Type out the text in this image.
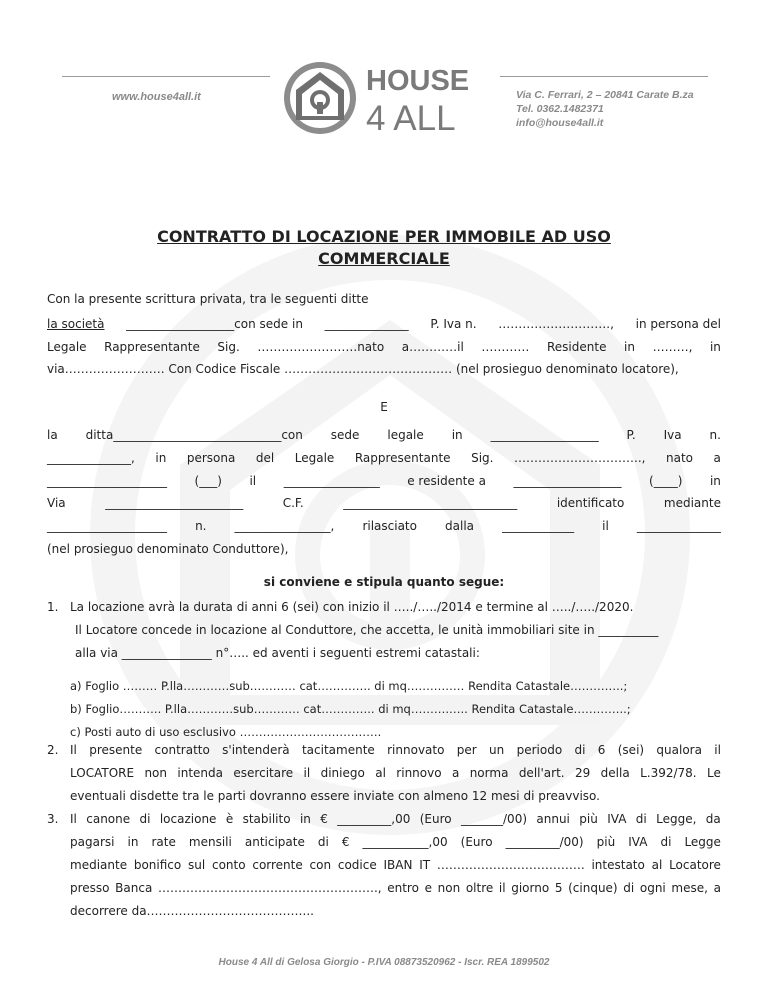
www.house4all.it	HOUSE
4 ALL
Via C. Ferrari, 2 – 20841 Carate B.za
Tel. 0362.1482371
info@house4all.it
CONTRATTO DI LOCAZIONE PER IMMOBILE AD USO
COMMERCIALE
Con la presente scrittura privata, tra le seguenti ditte
la società __________________con sede in ______________ P. Iva n. ………………………., in persona del
Legale Rappresentante Sig. …………………….nato a…………il ………… Residente in ………, in
via……………………. Con Codice Fiscale …………………………………… (nel prosieguo denominato locatore),
E
la ditta____________________________con sede legale in __________________ P. Iva n.
______________, in persona del Legale Rappresentante Sig. ………………………….., nato a
____________________ (___) il ________________ e residente a __________________ (____) in
Via	_______________________	C.F.	_____________________________	identificato	mediante
____________________ n. ________________, rilasciato dalla ____________ il ______________
(nel prosieguo denominato Conduttore),
si conviene e stipula quanto segue:
1. La locazione avrà la durata di anni 6 (sei) con inizio il …../…../2014 e termine al …../…../2020.
Il Locatore concede in locazione al Conduttore, che accetta, le unità immobiliari site in __________
alla via _______________ n°….. ed aventi i seguenti estremi catastali:
a) Foglio ……… P.lla…………sub………… cat………….. di mq…………… Rendita Catastale…………..;
b) Foglio……….. P.lla…………sub………… cat………….. di mq……….….. Rendita Catastale…………..;
c) Posti auto di uso esclusivo ……………………………….
2. Il presente contratto s'intenderà tacitamente rinnovato per un periodo di 6 (sei) qualora il
LOCATORE non intenda esercitare il diniego al rinnovo a norma dell'art. 29 della L.392/78. Le
eventuali disdette tra le parti dovranno essere inviate con almeno 12 mesi di preavviso.
3. Il canone di locazione è stabilito in € _________,00 (Euro _______/00) annui più IVA di Legge, da
pagarsi in rate mensili anticipate di € ___________,00 (Euro _________/00) più IVA di Legge
mediante bonifico sul conto corrente con codice IBAN IT ………………………………. intestato al Locatore
presso Banca ………………………………………………., entro e non oltre il giorno 5 (cinque) di ogni mese, a
decorrere da…………………………………...
House 4 All di Gelosa Giorgio - P.IVA 08873520962 - Iscr. REA 1899502
